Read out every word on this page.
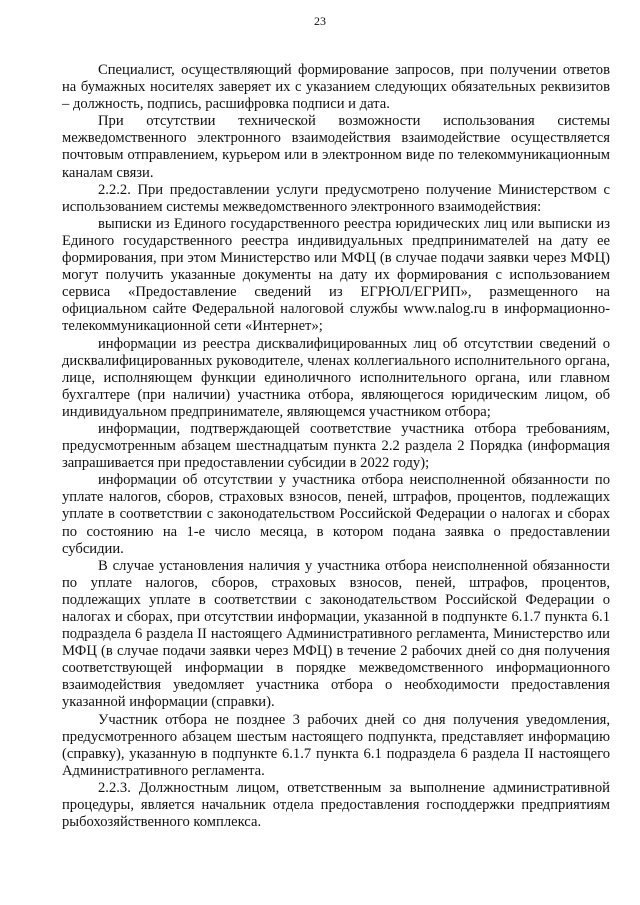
23

Специалист, осуществляющий формирование запросов, при получении ответов на бумажных носителях заверяет их с указанием следующих обязательных реквизитов – должность, подпись, расшифровка подписи и дата.

При отсутствии технической возможности использования системы межведомственного электронного взаимодействия взаимодействие осуществляется почтовым отправлением, курьером или в электронном виде по телекоммуникационным каналам связи.

2.2.2. При предоставлении услуги предусмотрено получение Министерством с использованием системы межведомственного электронного взаимодействия:

выписки из Единого государственного реестра юридических лиц или выписки из Единого государственного реестра индивидуальных предпринимателей на дату ее формирования, при этом Министерство или МФЦ (в случае подачи заявки через МФЦ) могут получить указанные документы на дату их формирования с использованием сервиса «Предоставление сведений из ЕГРЮЛ/ЕГРИП», размещенного на официальном сайте Федеральной налоговой службы www.nalog.ru в информационно-телекоммуникационной сети «Интернет»;

информации из реестра дисквалифицированных лиц об отсутствии сведений о дисквалифицированных руководителе, членах коллегиального исполнительного органа, лице, исполняющем функции единоличного исполнительного органа, или главном бухгалтере (при наличии) участника отбора, являющегося юридическим лицом, об индивидуальном предпринимателе, являющемся участником отбора;

информации, подтверждающей соответствие участника отбора требованиям, предусмотренным абзацем шестнадцатым пункта 2.2 раздела 2 Порядка (информация запрашивается при предоставлении субсидии в 2022 году);

информации об отсутствии у участника отбора неисполненной обязанности по уплате налогов, сборов, страховых взносов, пеней, штрафов, процентов, подлежащих уплате в соответствии с законодательством Российской Федерации о налогах и сборах по состоянию на 1-е число месяца, в котором подана заявка о предоставлении субсидии.

В случае установления наличия у участника отбора неисполненной обязанности по уплате налогов, сборов, страховых взносов, пеней, штрафов, процентов, подлежащих уплате в соответствии с законодательством Российской Федерации о налогах и сборах, при отсутствии информации, указанной в подпункте 6.1.7 пункта 6.1 подраздела 6 раздела II настоящего Административного регламента, Министерство или МФЦ (в случае подачи заявки через МФЦ) в течение 2 рабочих дней со дня получения соответствующей информации в порядке межведомственного информационного взаимодействия уведомляет участника отбора о необходимости предоставления указанной информации (справки).

Участник отбора не позднее 3 рабочих дней со дня получения уведомления, предусмотренного абзацем шестым настоящего подпункта, представляет информацию (справку), указанную в подпункте 6.1.7 пункта 6.1 подраздела 6 раздела II настоящего Административного регламента.

2.2.3. Должностным лицом, ответственным за выполнение административной процедуры, является начальник отдела предоставления господдержки предприятиям рыбохозяйственного комплекса.
